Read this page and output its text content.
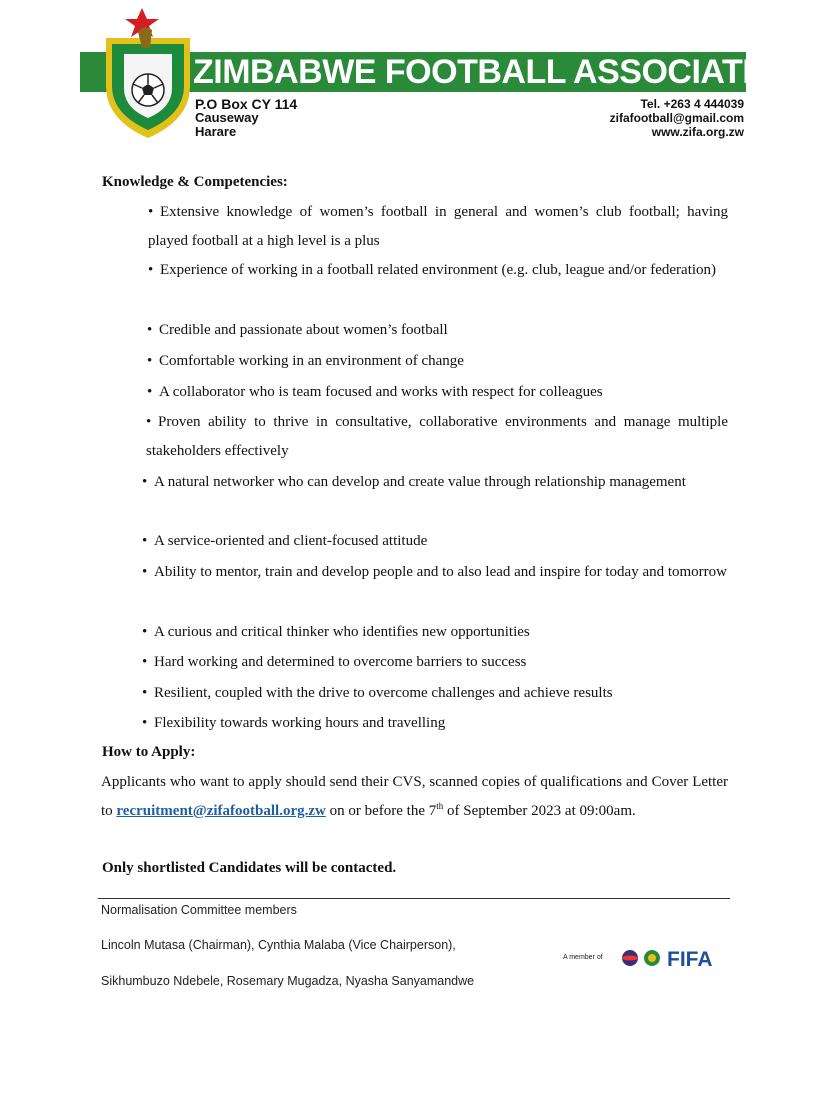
ZIMBABWE FOOTBALL ASSOCIATION
P.O Box CY 114
Causeway
Harare
Tel. +263 4 444039
zifafootball@gmail.com
www.zifa.org.zw
Knowledge & Competencies:
• Extensive knowledge of women’s football in general and women’s club football; having played football at a high level is a plus
• Experience of working in a football related environment (e.g. club, league and/or federation)
• Credible and passionate about women’s football
• Comfortable working in an environment of change
• A collaborator who is team focused and works with respect for colleagues
• Proven ability to thrive in consultative, collaborative environments and manage multiple stakeholders effectively
• A natural networker who can develop and create value through relationship management
• A service-oriented and client-focused attitude
• Ability to mentor, train and develop people and to also lead and inspire for today and tomorrow
• A curious and critical thinker who identifies new opportunities
• Hard working and determined to overcome barriers to success
• Resilient, coupled with the drive to overcome challenges and achieve results
• Flexibility towards working hours and travelling
How to Apply:
Applicants who want to apply should send their CVS, scanned copies of qualifications and Cover Letter to recruitment@zifafootball.org.zw on or before the 7th of September 2023 at 09:00am.
Only shortlisted Candidates will be contacted.
Normalisation Committee members
Lincoln Mutasa (Chairman), Cynthia Malaba (Vice Chairperson),
Sikhumbuzo Ndebele, Rosemary Mugadza, Nyasha Sanyamandwe
A member of	FIFA
